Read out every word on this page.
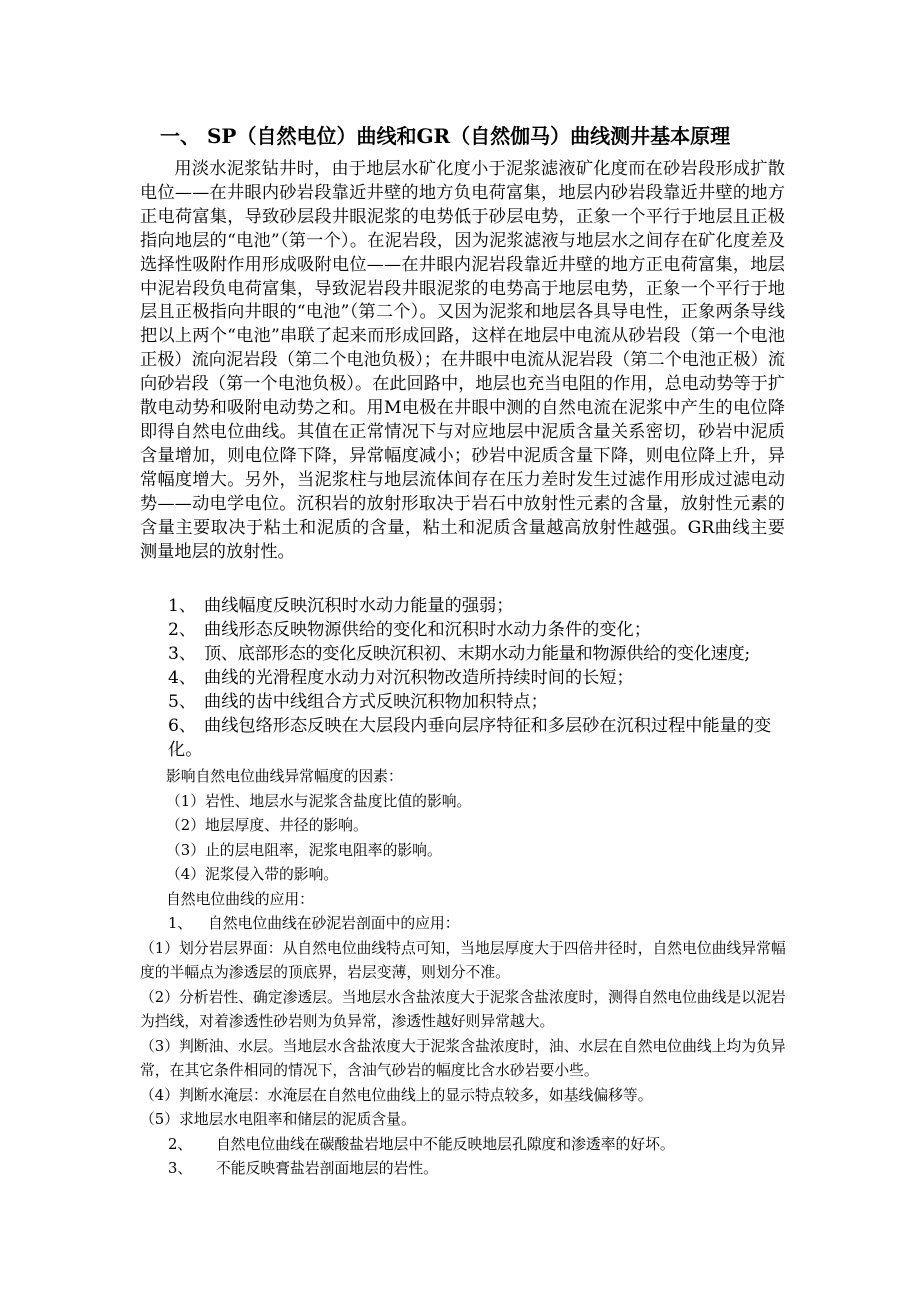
一、 SP（自然电位）曲线和GR（自然伽马）曲线测井基本原理

用淡水泥浆钻井时，由于地层水矿化度小于泥浆滤液矿化度而在砂岩段形成扩散电位——在井眼内砂岩段靠近井壁的地方负电荷富集，地层内砂岩段靠近井壁的地方正电荷富集，导致砂层段井眼泥浆的电势低于砂层电势，正象一个平行于地层且正极指向地层的“电池”（第一个）。在泥岩段，因为泥浆滤液与地层水之间存在矿化度差及选择性吸附作用形成吸附电位——在井眼内泥岩段靠近井壁的地方正电荷富集，地层中泥岩段负电荷富集，导致泥岩段井眼泥浆的电势高于地层电势，正象一个平行于地层且正极指向井眼的“电池”（第二个）。又因为泥浆和地层各具导电性，正象两条导线把以上两个“电池”串联了起来而形成回路，这样在地层中电流从砂岩段（第一个电池正极）流向泥岩段（第二个电池负极）；在井眼中电流从泥岩段（第二个电池正极）流向砂岩段（第一个电池负极）。在此回路中，地层也充当电阻的作用，总电动势等于扩散电动势和吸附电动势之和。用M电极在井眼中测的自然电流在泥浆中产生的电位降即得自然电位曲线。其值在正常情况下与对应地层中泥质含量关系密切，砂岩中泥质含量增加，则电位降下降，异常幅度减小；砂岩中泥质含量下降，则电位降上升，异常幅度增大。另外，当泥浆柱与地层流体间存在压力差时发生过滤作用形成过滤电动势——动电学电位。沉积岩的放射形取决于岩石中放射性元素的含量，放射性元素的含量主要取决于粘土和泥质的含量，粘土和泥质含量越高放射性越强。GR曲线主要测量地层的放射性。

1、 曲线幅度反映沉积时水动力能量的强弱；
2、 曲线形态反映物源供给的变化和沉积时水动力条件的变化；
3、 顶、底部形态的变化反映沉积初、末期水动力能量和物源供给的变化速度;
4、 曲线的光滑程度水动力对沉积物改造所持续时间的长短；
5、 曲线的齿中线组合方式反映沉积物加积特点；
6、 曲线包络形态反映在大层段内垂向层序特征和多层砂在沉积过程中能量的变化。
影响自然电位曲线异常幅度的因素：
（1）岩性、地层水与泥浆含盐度比值的影响。
（2）地层厚度、井径的影响。
（3）止的层电阻率，泥浆电阻率的影响。
（4）泥浆侵入带的影响。
自然电位曲线的应用：
1、 自然电位曲线在砂泥岩剖面中的应用：
（1）划分岩层界面：从自然电位曲线特点可知，当地层厚度大于四倍井径时，自然电位曲线异常幅度的半幅点为渗透层的顶底界，岩层变薄，则划分不准。
（2）分析岩性、确定渗透层。当地层水含盐浓度大于泥浆含盐浓度时，测得自然电位曲线是以泥岩为挡线，对着渗透性砂岩则为负异常，渗透性越好则异常越大。
（3）判断油、水层。当地层水含盐浓度大于泥浆含盐浓度时，油、水层在自然电位曲线上均为负异常，在其它条件相同的情况下，含油气砂岩的幅度比含水砂岩要小些。
（4）判断水淹层：水淹层在自然电位曲线上的显示特点较多，如基线偏移等。
（5）求地层水电阻率和储层的泥质含量。
2、 自然电位曲线在碳酸盐岩地层中不能反映地层孔隙度和渗透率的好坏。
3、 不能反映膏盐岩剖面地层的岩性。
